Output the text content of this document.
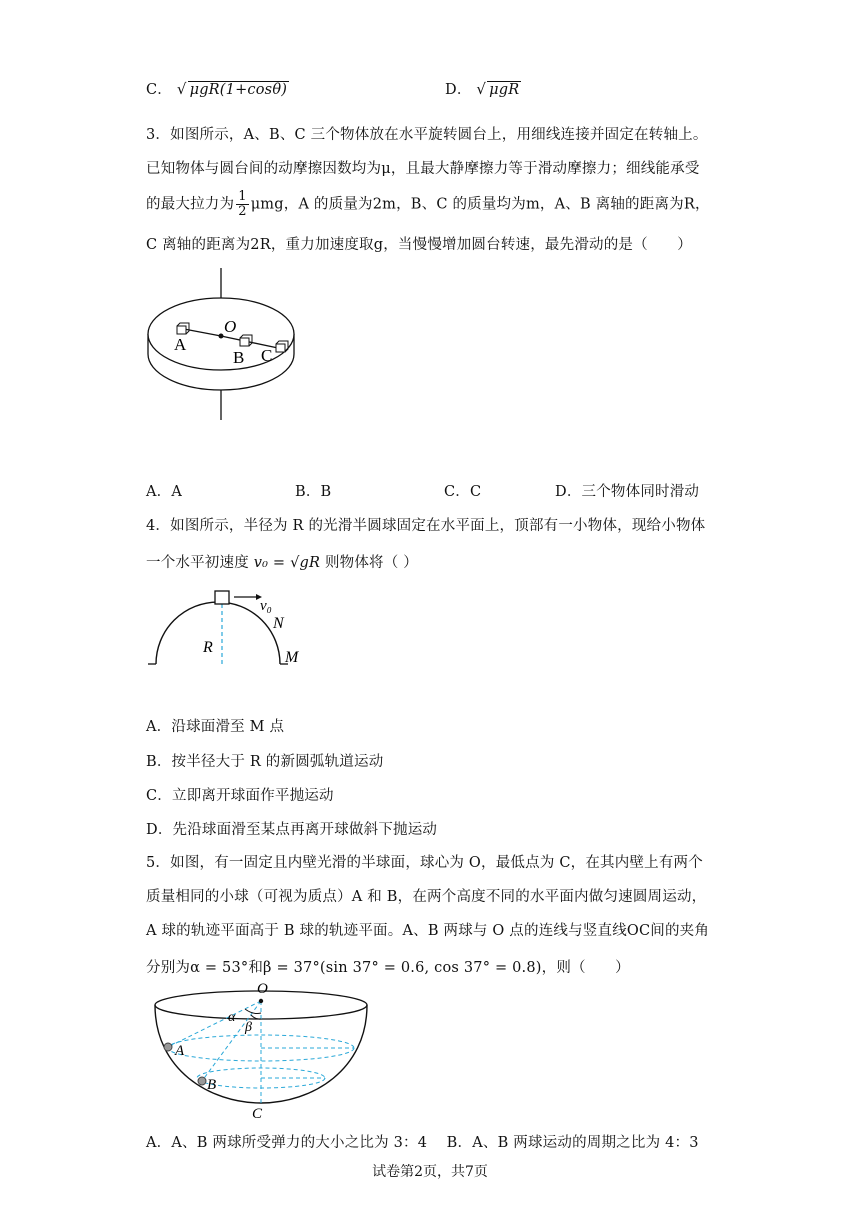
C． √ μgR(1+cosθ)	D． √ μgR
3．如图所示，A、B、C 三个物体放在水平旋转圆台上，用细线连接并固定在转轴上。
已知物体与圆台间的动摩擦因数均为μ，且最大静摩擦力等于滑动摩擦力；细线能承受
的最大拉力为 $\frac{1}{2}$ μmg，A 的质量为2m，B、C 的质量均为m，A、B 离轴的距离为R，
C 离轴的距离为2R，重力加速度取g，当慢慢增加圆台转速，最先滑动的是（　　）
O
A
B C
A．A	B．B	C．C	D．三个物体同时滑动
4．如图所示，半径为 R 的光滑半圆球固定在水平面上，顶部有一小物体，现给小物体
一个水平初速度 v₀ = √gR 则物体将（ ）
v₀
N
R
M
A．沿球面滑至 M 点
B．按半径大于 R 的新圆弧轨道运动
C．立即离开球面作平抛运动
D．先沿球面滑至某点再离开球做斜下抛运动
5．如图，有一固定且内壁光滑的半球面，球心为 O，最低点为 C，在其内壁上有两个
质量相同的小球（可视为质点）A 和 B，在两个高度不同的水平面内做匀速圆周运动，
A 球的轨迹平面高于 B 球的轨迹平面。A、B 两球与 O 点的连线与竖直线OC间的夹角
分别为α = 53°和β = 37°(sin 37° = 0.6, cos 37° = 0.8)，则（　　）
O
A
B
C
α
β
A．A、B 两球所受弹力的大小之比为 3：4　 B．A、B 两球运动的周期之比为 4：3
试卷第2页，共7页
